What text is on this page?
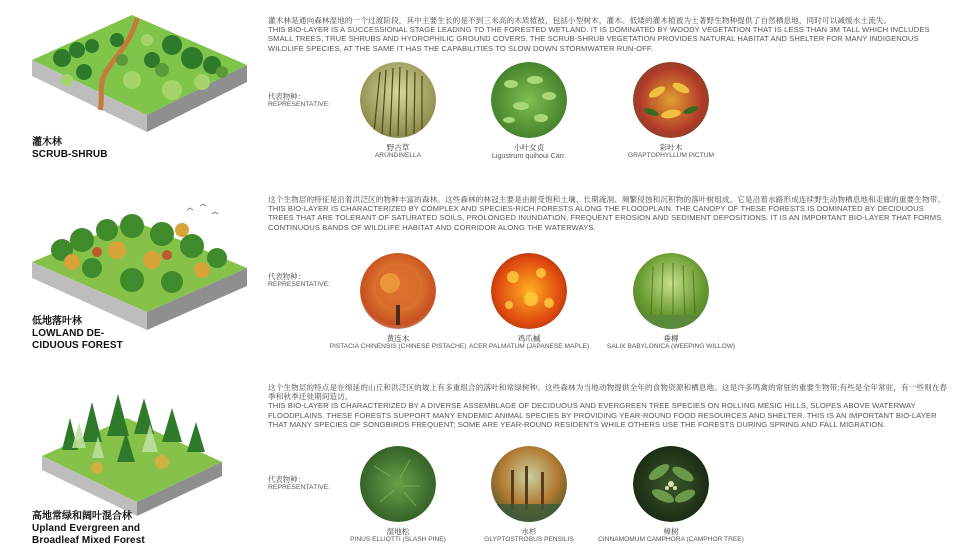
灌木林
SCRUB-SHRUB
灌木林是通向森林湿地的一个过渡阶段，其中主要生长的是不到三米高的木质植被，包括小型树木，灌木。低矮的灌木植被为土著野生物种提供了自然栖息地，同时可以减缓水土流失。
THIS BIO-LAYER IS A SUCCESSIONAL STAGE LEADING TO THE FORESTED WETLAND. IT IS DOMINATED BY WOODY VEGETATION THAT IS LESS THAN 3M TALL WHICH INCLUDES SMALL TREES, TRUE SHRUBS AND HYDROPHILIC GROUND COVERS. THE SCRUB-SHRUB VEGETATION PROVIDES NATURAL HABITAT AND SHELTER FOR MANY INDIGENOUS WILDLIFE SPECIES, AT THE SAME IT HAS THE CAPABILITIES TO SLOW DOWN STORMWATER RUN-OFF.
代表物种：
REPRESENTATIVE:
野古草
ARUNDINELLA
小叶女贞
Ligustrum quihoui Carr.
彩叶木
GRAPTOPHYLLUM PICTUM
低地落叶林
LOWLAND DE-
CIDUOUS FOREST
这个生物层的特征是沿着洪泛区的物种丰富的森林。这些森林的林冠主要是由耐受饱和土壤、长期淹洞、频繁侵蚀和沉积物的落叶树组成。它是沿着水路形成连续野生动物栖息地和走廊的重要生物带。
THIS BIO-LAYER IS CHARACTERIZED BY COMPLEX AND SPECIES-RICH FORESTS ALONG THE FLOODPLAIN. THE CANOPY OF THESE FORESTS IS DOMINATED BY DECIDUOUS TREES THAT ARE TOLERANT OF SATURATED SOILS, PROLONGED INUNDATION, FREQUENT EROSION AND SEDIMENT DEPOSITIONS. IT IS AN IMPORTANT BIO-LAYER THAT FORMS CONTINUOUS BANDS OF WILDLIFE HABITAT AND CORRIDOR ALONG THE WATERWAYS.
代表物种：
REPRESENTATIVE:
黄连木
PISTACIA CHINENSIS (CHINESE PISTACHE)
鸡爪槭
ACER PALMATUM (JAPANESE MAPLE)
垂柳
SALIX BABYLONICA (WEEPING WILLOW)
高地常绿和阔叶混合林
Upland Evergreen and
Broadleaf Mixed Forest
这个生物层的特点是在绵延的山丘和洪泛区的坡上有多重组合的落叶和常绿树种。这些森林为当地动物提供全年的食物资源和栖息地。这是许多鸣禽的常驻的重要生物带;有些是全年常驻，有一些则在春季和秋季迁徙期间造访。
THIS BIO-LAYER IS CHARACTERIZED BY A DIVERSE ASSEMBLAGE OF DECIDUOUS AND EVERGREEN TREE SPECIES ON ROLLING MESIC HILLS, SLOPES ABOVE WATERWAY FLOODPLAINS. THESE FORESTS SUPPORT MANY ENDEMIC ANIMAL SPECIES BY PROVIDING YEAR-ROUND FOOD RESOURCES AND SHELTER. THIS IS AN IMPORTANT BIO-LAYER THAT MANY SPECIES OF SONGBIRDS FREQUENT; SOME ARE YEAR-ROUND RESIDENTS WHILE OTHERS USE THE FORESTS DURING SPRING AND FALL MIGRATION.
代表物种：
REPRESENTATIVE:
湿地松
PINUS ELLIOTTI (SLASH PINE)
水杉
GLYPTOSTROBUS PENSILIS
樟树
CINNAMOMUM CAMPHORA (CAMPHOR TREE)
